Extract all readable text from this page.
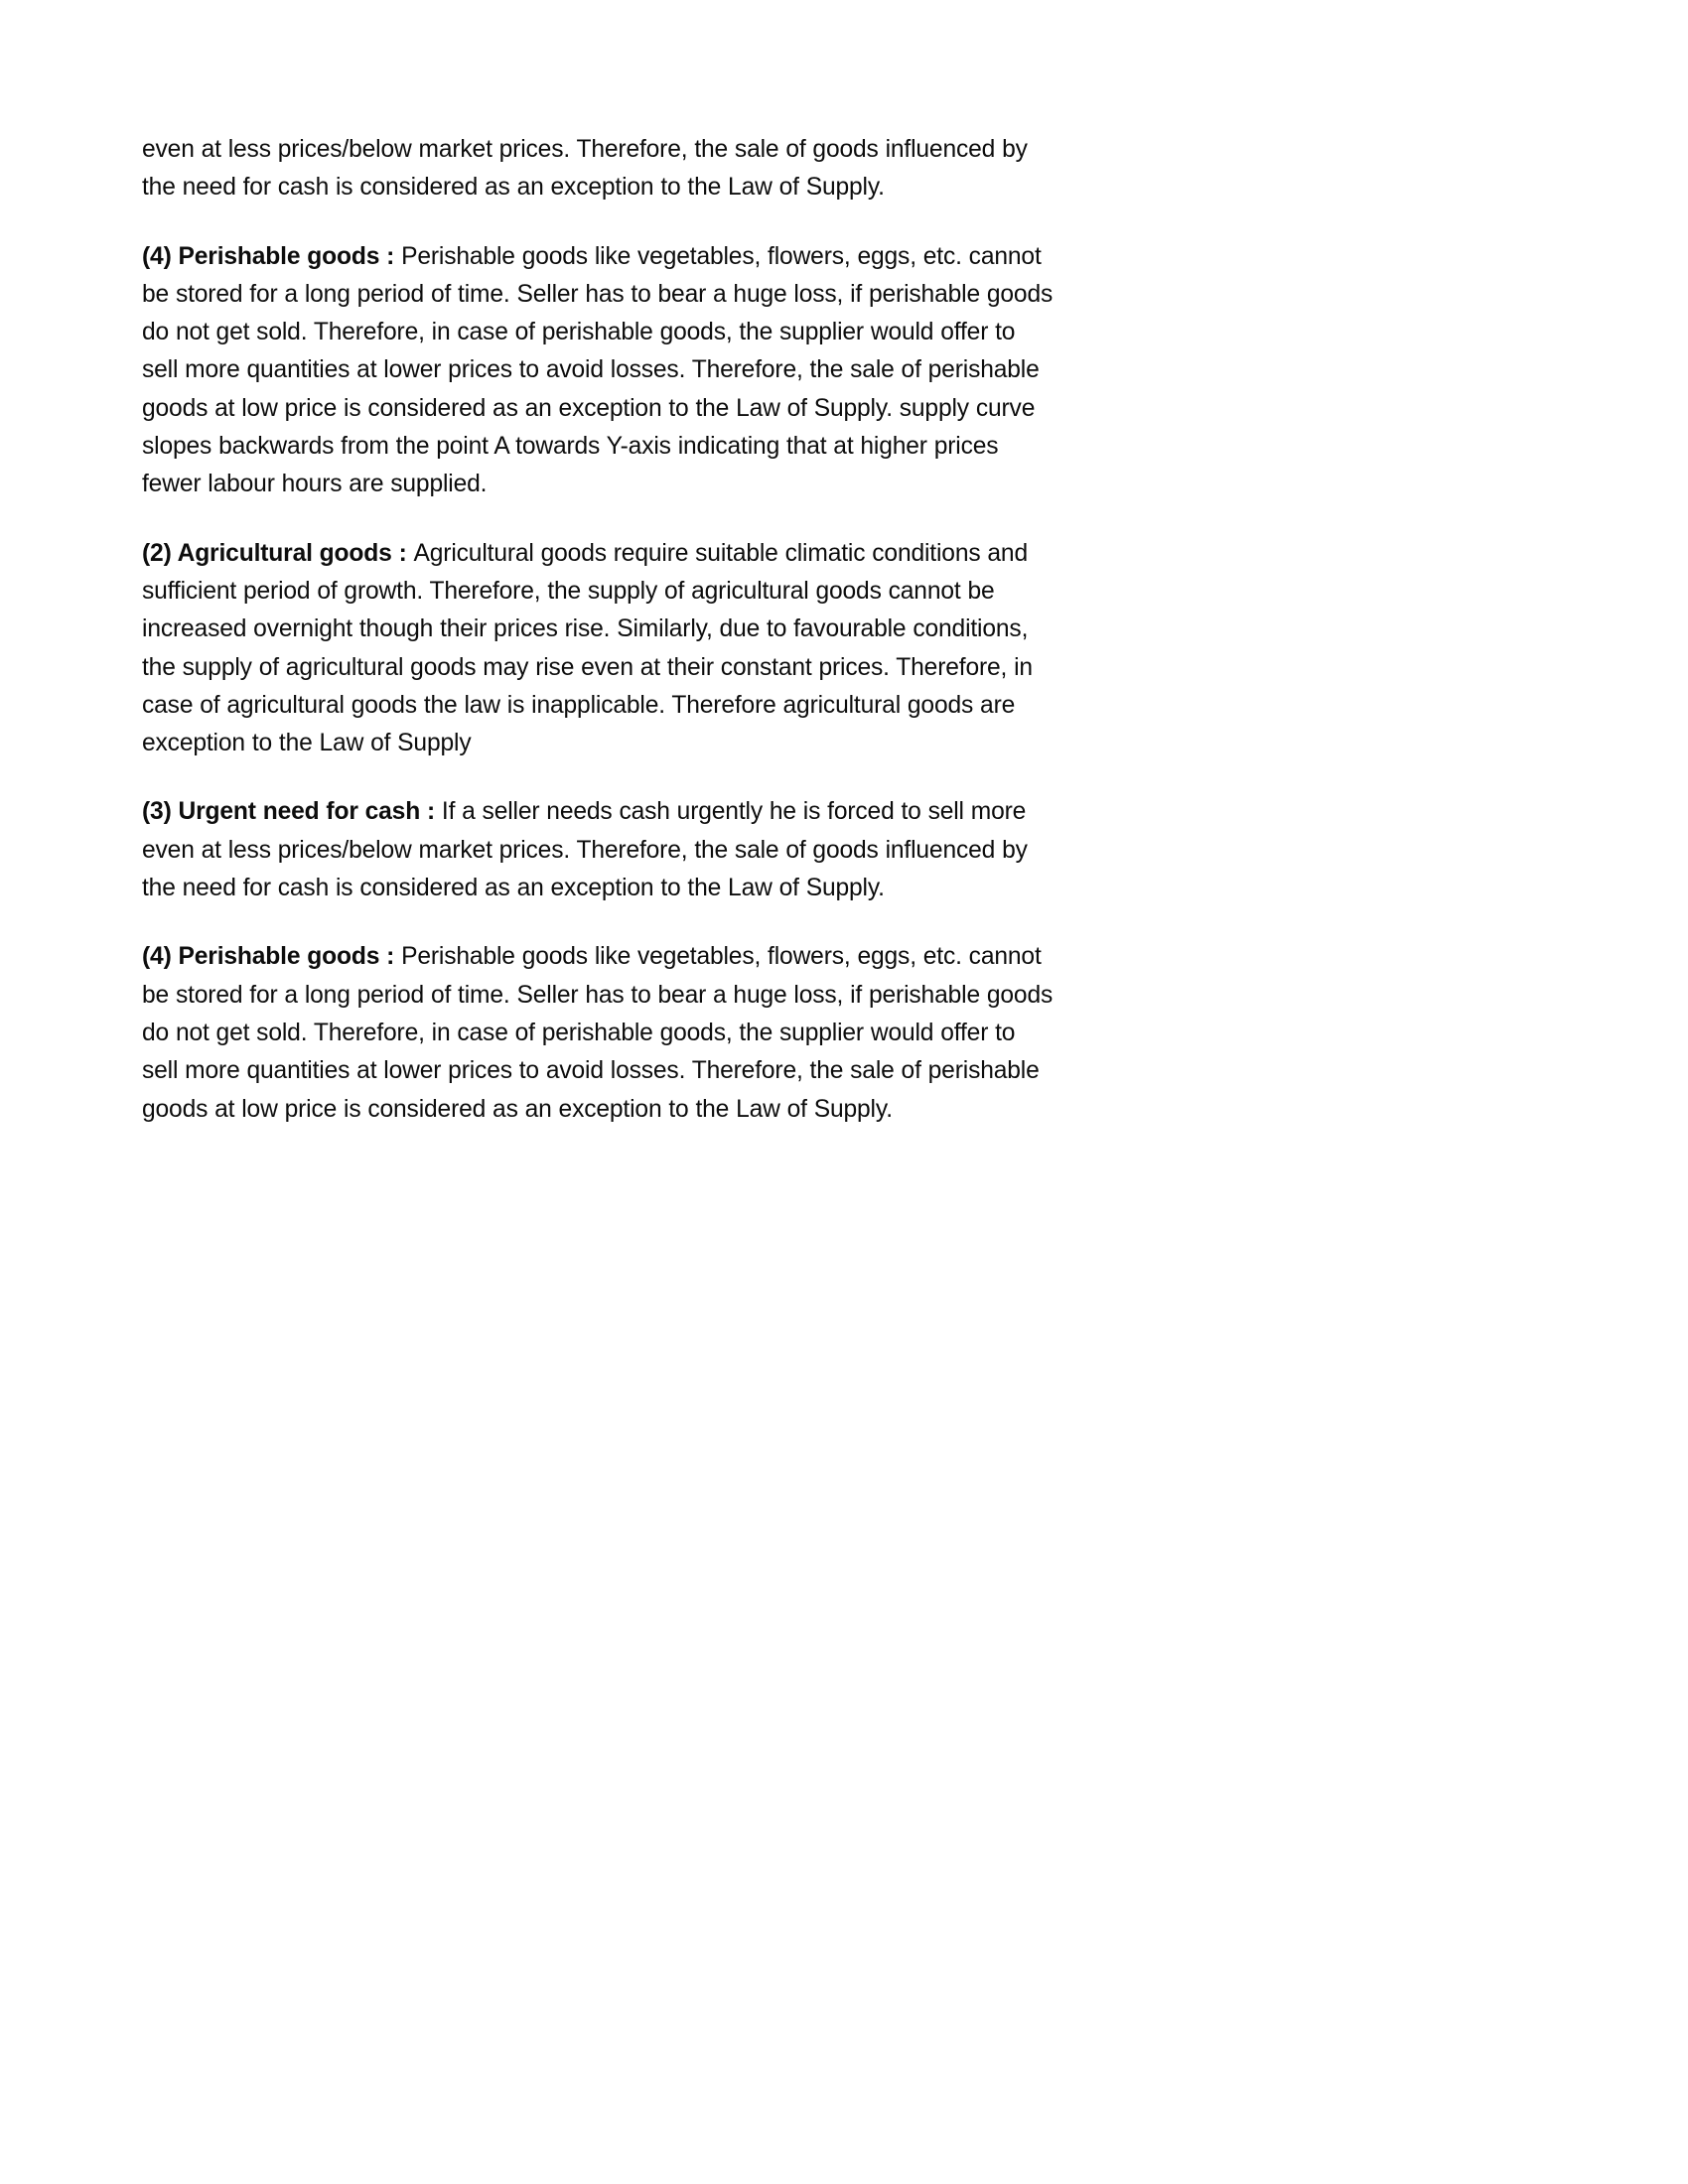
even at less prices/below market prices. Therefore, the sale of goods influenced by the need for cash is considered as an exception to the Law of Supply.

(4) Perishable goods : Perishable goods like vegetables, flowers, eggs, etc. cannot be stored for a long period of time. Seller has to bear a huge loss, if perishable goods do not get sold. Therefore, in case of perishable goods, the supplier would offer to sell more quantities at lower prices to avoid losses. Therefore, the sale of perishable goods at low price is considered as an exception to the Law of Supply. supply curve slopes backwards from the point A towards Y-axis indicating that at higher prices fewer labour hours are supplied.

(2) Agricultural goods : Agricultural goods require suitable climatic conditions and sufficient period of growth. Therefore, the supply of agricultural goods cannot be increased overnight though their prices rise. Similarly, due to favourable conditions, the supply of agricultural goods may rise even at their constant prices. Therefore, in case of agricultural goods the law is inapplicable. Therefore agricultural goods are exception to the Law of Supply

(3) Urgent need for cash : If a seller needs cash urgently he is forced to sell more even at less prices/below market prices. Therefore, the sale of goods influenced by the need for cash is considered as an exception to the Law of Supply.

(4) Perishable goods : Perishable goods like vegetables, flowers, eggs, etc. cannot be stored for a long period of time. Seller has to bear a huge loss, if perishable goods do not get sold. Therefore, in case of perishable goods, the supplier would offer to sell more quantities at lower prices to avoid losses. Therefore, the sale of perishable goods at low price is considered as an exception to the Law of Supply.
